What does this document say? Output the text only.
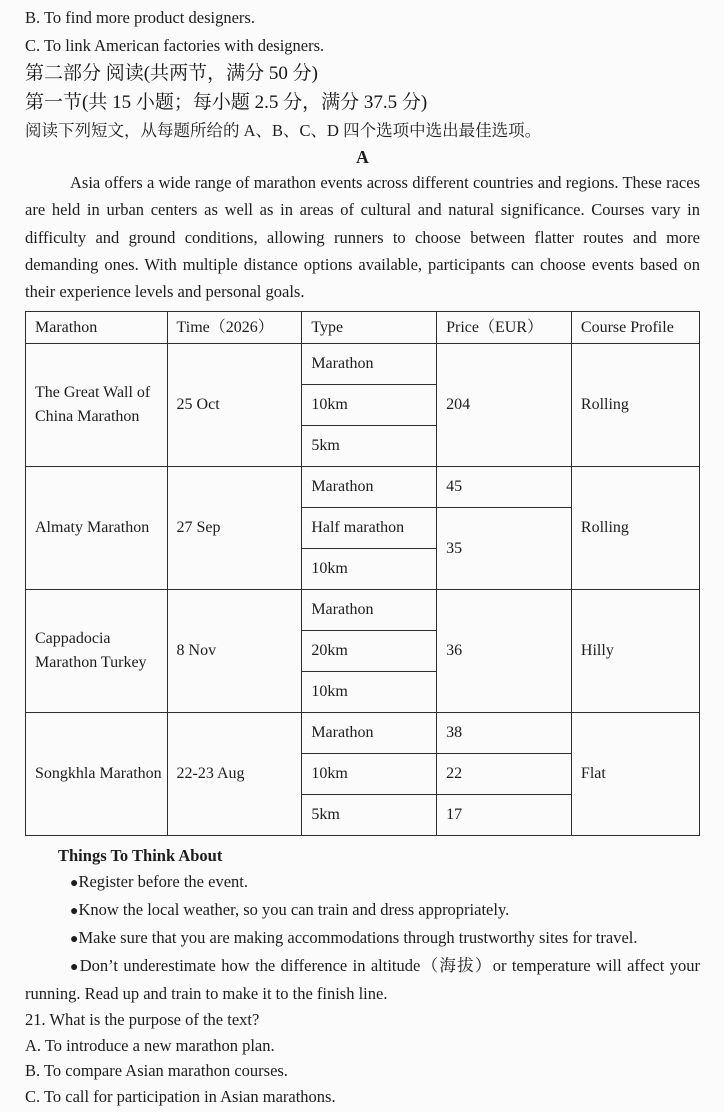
B. To find more product designers.
C. To link American factories with designers.
第二部分 阅读(共两节，满分 50 分)
第一节(共 15 小题；每小题 2.5 分，满分 37.5 分)
阅读下列短文，从每题所给的 A、B、C、D 四个选项中选出最佳选项。
A

Asia offers a wide range of marathon events across different countries and regions. These races are held in urban centers as well as in areas of cultural and natural significance. Courses vary in difficulty and ground conditions, allowing runners to choose between flatter routes and more demanding ones. With multiple distance options available, participants can choose events based on their experience levels and personal goals.

Marathon	Time（2026）	Type	Price（EUR）	Course Profile
The Great Wall of China Marathon	25 Oct	Marathon	204	Rolling
		10km		
		5km		
Almaty Marathon	27 Sep	Marathon	45	Rolling
		Half marathon	35	
		10km		
Cappadocia Marathon Turkey	8 Nov	Marathon	36	Hilly
		20km		
		10km		
Songkhla Marathon	22-23 Aug	Marathon	38	Flat
		10km	22	
		5km	17	
Things To Think About
●Register before the event.
●Know the local weather, so you can train and dress appropriately.
●Make sure that you are making accommodations through trustworthy sites for travel.
●Don’t underestimate how the difference in altitude（海拔）or temperature will affect your running. Read up and train to make it to the finish line.
21. What is the purpose of the text?
A. To introduce a new marathon plan.
B. To compare Asian marathon courses.
C. To call for participation in Asian marathons.
